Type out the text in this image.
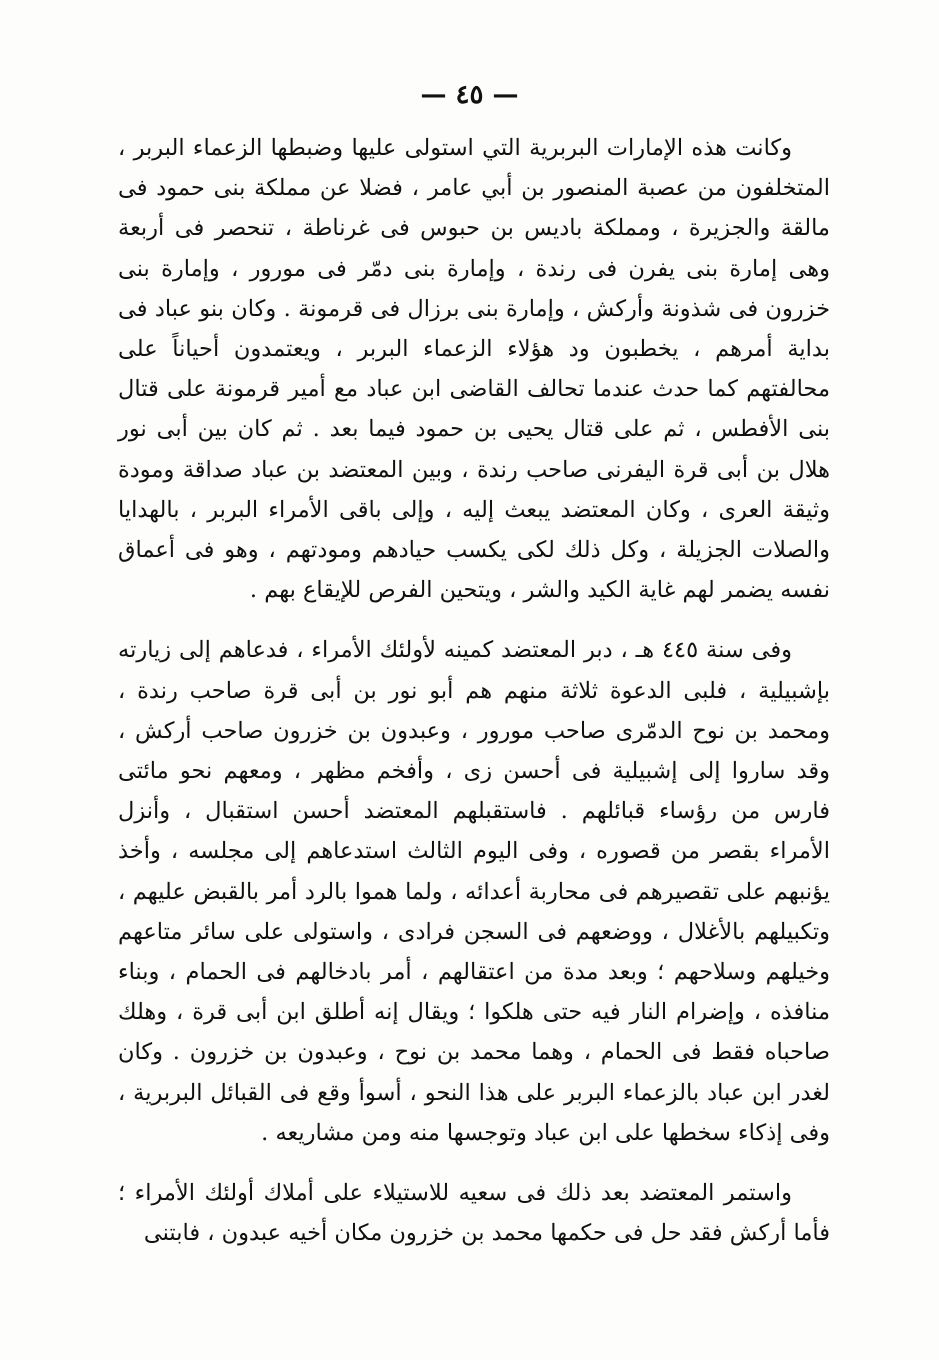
— ٤٥ —

وكانت هذه الإمارات البربرية التي استولى عليها وضبطها الزعماء البربر ، المتخلفون من عصبة المنصور بن أبي عامر ، فضلا عن مملكة بنى حمود فى مالقة والجزيرة ، ومملكة باديس بن حبوس فى غرناطة ، تنحصر فى أربعة وهى إمارة بنى يفرن فى رندة ، وإمارة بنى دمّر فى مورور ، وإمارة بنى خزرون فى شذونة وأركش ، وإمارة بنى برزال فى قرمونة . وكان بنو عباد فى بداية أمرهم ، يخطبون ود هؤلاء الزعماء البربر ، ويعتمدون أحياناً على محالفتهم كما حدث عندما تحالف القاضى ابن عباد مع أمير قرمونة على قتال بنى الأفطس ، ثم على قتال يحيى بن حمود فيما بعد . ثم كان بين أبى نور هلال بن أبى قرة اليفرنى صاحب رندة ، وبين المعتضد بن عباد صداقة ومودة وثيقة العرى ، وكان المعتضد يبعث إليه ، وإلى باقى الأمراء البربر ، بالهدايا والصلات الجزيلة ، وكل ذلك لكى يكسب حيادهم ومودتهم ، وهو فى أعماق نفسه يضمر لهم غاية الكيد والشر ، ويتحين الفرص للإيقاع بهم .

وفى سنة ٤٤٥ هـ ، دبر المعتضد كمينه لأولئك الأمراء ، فدعاهم إلى زيارته بإشبيلية ، فلبى الدعوة ثلاثة منهم هم أبو نور بن أبى قرة صاحب رندة ، ومحمد بن نوح الدمّرى صاحب مورور ، وعبدون بن خزرون صاحب أركش ، وقد ساروا إلى إشبيلية فى أحسن زى ، وأفخم مظهر ، ومعهم نحو مائتى فارس من رؤساء قبائلهم . فاستقبلهم المعتضد أحسن استقبال ، وأنزل الأمراء بقصر من قصوره ، وفى اليوم الثالث استدعاهم إلى مجلسه ، وأخذ يؤنبهم على تقصيرهم فى محاربة أعدائه ، ولما هموا بالرد أمر بالقبض عليهم ، وتكبيلهم بالأغلال ، ووضعهم فى السجن فرادى ، واستولى على سائر متاعهم وخيلهم وسلاحهم ؛ وبعد مدة من اعتقالهم ، أمر بادخالهم فى الحمام ، وبناء منافذه ، وإضرام النار فيه حتى هلكوا ؛ ويقال إنه أطلق ابن أبى قرة ، وهلك صاحباه فقط فى الحمام ، وهما محمد بن نوح ، وعبدون بن خزرون . وكان لغدر ابن عباد بالزعماء البربر على هذا النحو ، أسوأ وقع فى القبائل البربرية ، وفى إذكاء سخطها على ابن عباد وتوجسها منه ومن مشاريعه .

واستمر المعتضد بعد ذلك فى سعيه للاستيلاء على أملاك أولئك الأمراء ؛ فأما أركش فقد حل فى حكمها محمد بن خزرون مكان أخيه عبدون ، فابتنى
